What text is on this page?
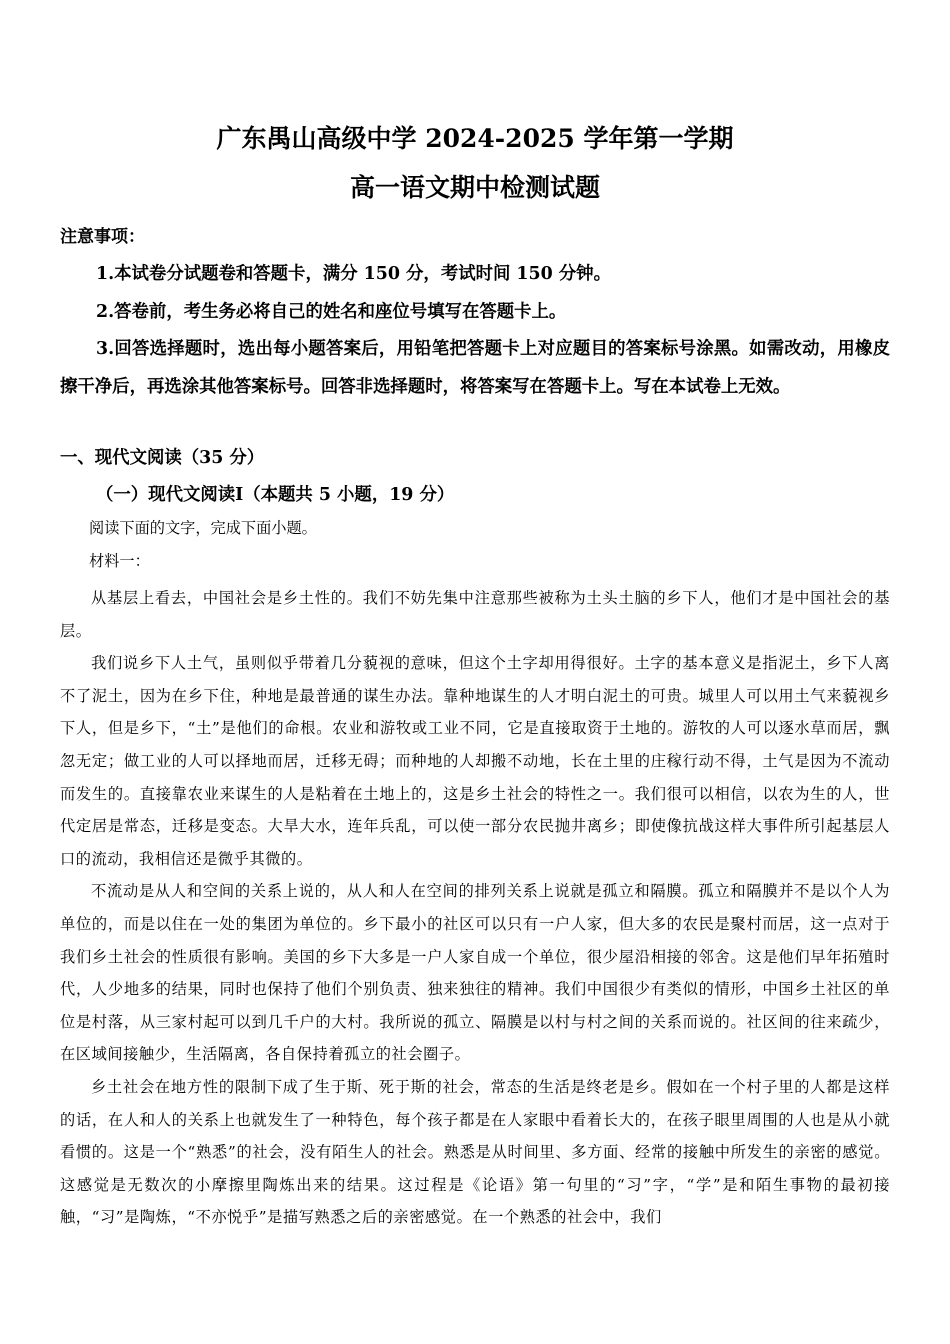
广东禺山高级中学 2024-2025 学年第一学期
高一语文期中检测试题
注意事项：

1.本试卷分试题卷和答题卡，满分 150 分，考试时间 150 分钟。

2.答卷前，考生务必将自己的姓名和座位号填写在答题卡上。

3.回答选择题时，选出每小题答案后，用铅笔把答题卡上对应题目的答案标号涂黑。如需改动，用橡皮擦干净后，再选涂其他答案标号。回答非选择题时，将答案写在答题卡上。写在本试卷上无效。

一、现代文阅读（35 分）
（一）现代文阅读Ⅰ（本题共 5 小题，19 分）
阅读下面的文字，完成下面小题。
材料一：

从基层上看去，中国社会是乡土性的。我们不妨先集中注意那些被称为土头土脑的乡下人，他们才是中国社会的基层。

我们说乡下人土气，虽则似乎带着几分藐视的意味，但这个土字却用得很好。土字的基本意义是指泥土，乡下人离不了泥土，因为在乡下住，种地是最普通的谋生办法。靠种地谋生的人才明白泥土的可贵。城里人可以用土气来藐视乡下人，但是乡下，“土”是他们的命根。农业和游牧或工业不同，它是直接取资于土地的。游牧的人可以逐水草而居，飘忽无定；做工业的人可以择地而居，迁移无碍；而种地的人却搬不动地，长在土里的庄稼行动不得，土气是因为不流动而发生的。直接靠农业来谋生的人是粘着在土地上的，这是乡土社会的特性之一。我们很可以相信，以农为生的人，世代定居是常态，迁移是变态。大旱大水，连年兵乱，可以使一部分农民抛井离乡；即使像抗战这样大事件所引起基层人口的流动，我相信还是微乎其微的。

不流动是从人和空间的关系上说的，从人和人在空间的排列关系上说就是孤立和隔膜。孤立和隔膜并不是以个人为单位的，而是以住在一处的集团为单位的。乡下最小的社区可以只有一户人家，但大多的农民是聚村而居，这一点对于我们乡土社会的性质很有影响。美国的乡下大多是一户人家自成一个单位，很少屋沿相接的邻舍。这是他们早年拓殖时代，人少地多的结果，同时也保持了他们个别负责、独来独往的精神。我们中国很少有类似的情形，中国乡土社区的单位是村落，从三家村起可以到几千户的大村。我所说的孤立、隔膜是以村与村之间的关系而说的。社区间的往来疏少，在区域间接触少，生活隔离，各自保持着孤立的社会圈子。

乡土社会在地方性的限制下成了生于斯、死于斯的社会，常态的生活是终老是乡。假如在一个村子里的人都是这样的话，在人和人的关系上也就发生了一种特色，每个孩子都是在人家眼中看着长大的，在孩子眼里周围的人也是从小就看惯的。这是一个“熟悉”的社会，没有陌生人的社会。熟悉是从时间里、多方面、经常的接触中所发生的亲密的感觉。这感觉是无数次的小摩擦里陶炼出来的结果。这过程是《论语》第一句里的“习”字，“学”是和陌生事物的最初接触，“习”是陶炼，“不亦悦乎”是描写熟悉之后的亲密感觉。在一个熟悉的社会中，我们
